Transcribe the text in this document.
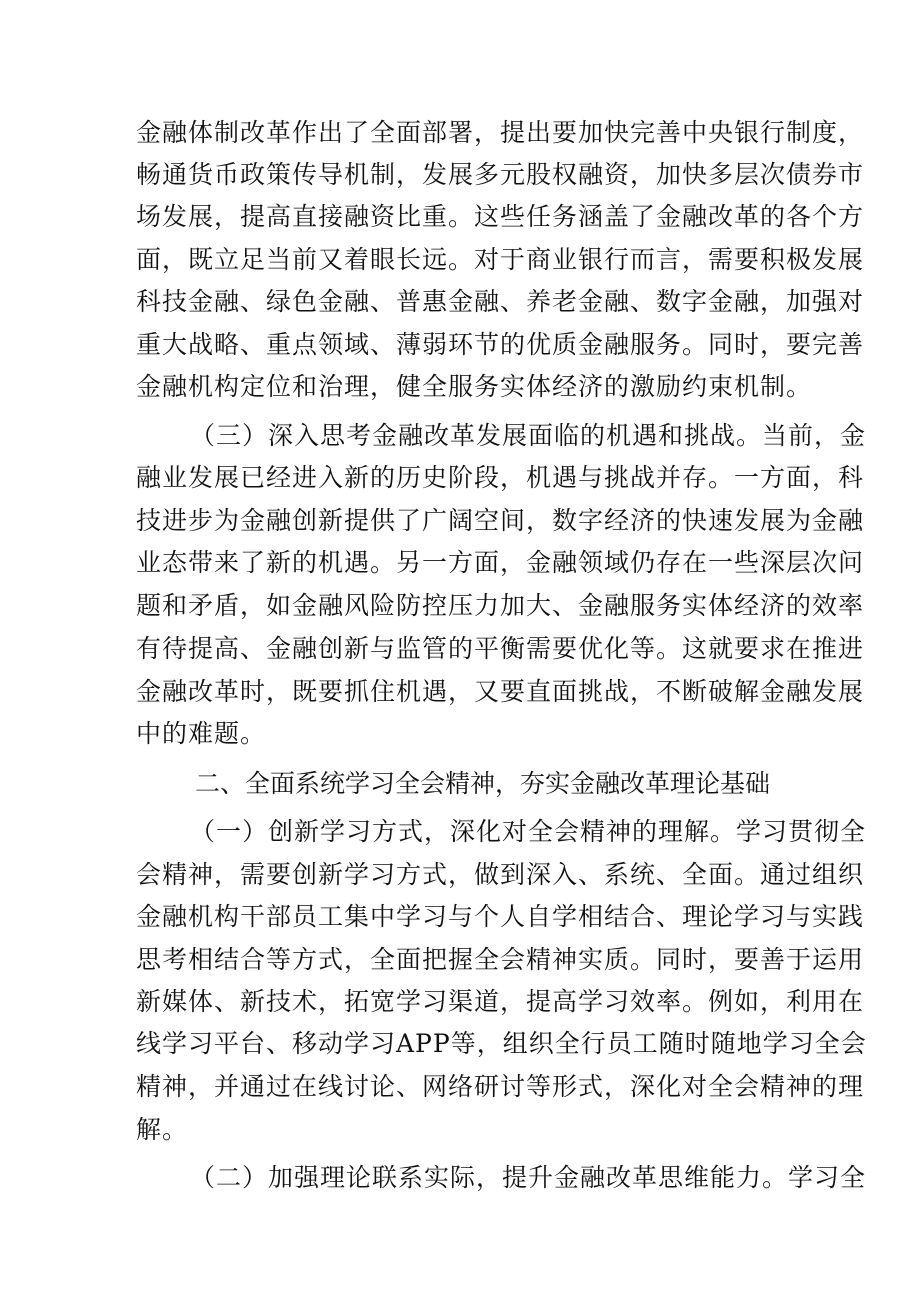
金融体制改革作出了全面部署，提出要加快完善中央银行制度，
畅通货币政策传导机制，发展多元股权融资，加快多层次债券市
场发展，提高直接融资比重。这些任务涵盖了金融改革的各个方
面，既立足当前又着眼长远。对于商业银行而言，需要积极发展
科技金融、绿色金融、普惠金融、养老金融、数字金融，加强对
重大战略、重点领域、薄弱环节的优质金融服务。同时，要完善
金融机构定位和治理，健全服务实体经济的激励约束机制。
（三）深入思考金融改革发展面临的机遇和挑战。当前，金
融业发展已经进入新的历史阶段，机遇与挑战并存。一方面，科
技进步为金融创新提供了广阔空间，数字经济的快速发展为金融
业态带来了新的机遇。另一方面，金融领域仍存在一些深层次问
题和矛盾，如金融风险防控压力加大、金融服务实体经济的效率
有待提高、金融创新与监管的平衡需要优化等。这就要求在推进
金融改革时，既要抓住机遇，又要直面挑战，不断破解金融发展
中的难题。
二、全面系统学习全会精神，夯实金融改革理论基础
（一）创新学习方式，深化对全会精神的理解。学习贯彻全
会精神，需要创新学习方式，做到深入、系统、全面。通过组织
金融机构干部员工集中学习与个人自学相结合、理论学习与实践
思考相结合等方式，全面把握全会精神实质。同时，要善于运用
新媒体、新技术，拓宽学习渠道，提高学习效率。例如，利用在
线学习平台、移动学习APP等，组织全行员工随时随地学习全会
精神，并通过在线讨论、网络研讨等形式，深化对全会精神的理
解。
（二）加强理论联系实际，提升金融改革思维能力。学习全
